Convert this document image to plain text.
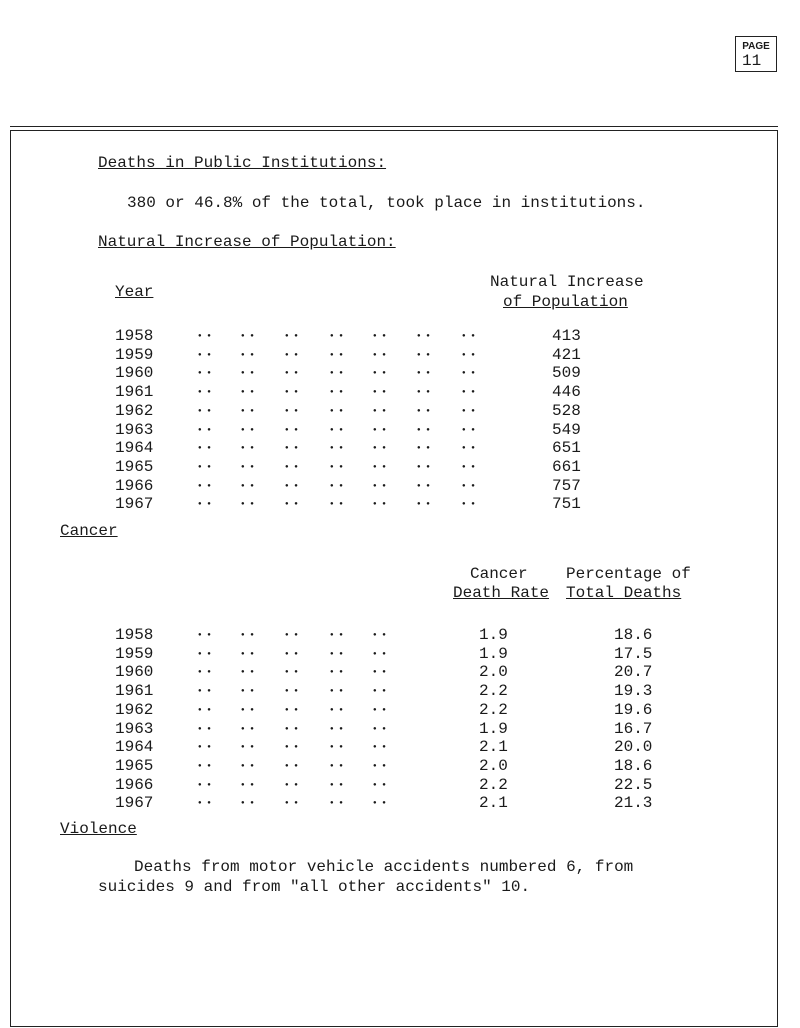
PAGE

11

Deaths in Public Institutions:
380 or 46.8% of the total, took place in institutions.
Natural Increase of Population:
Year
Natural Increase
of Population
1958	● ●	● ●	● ●	● ●	● ●	● ●	● ●	413
1959	● ●	● ●	● ●	● ●	● ●	● ●	● ●	421
1960	● ●	● ●	● ●	● ●	● ●	● ●	● ●	509
1961	● ●	● ●	● ●	● ●	● ●	● ●	● ●	446
1962	● ●	● ●	● ●	● ●	● ●	● ●	● ●	528
1963	● ●	● ●	● ●	● ●	● ●	● ●	● ●	549
1964	● ●	● ●	● ●	● ●	● ●	● ●	● ●	651
1965	● ●	● ●	● ●	● ●	● ●	● ●	● ●	661
1966	● ●	● ●	● ●	● ●	● ●	● ●	● ●	757
1967	● ●	● ●	● ●	● ●	● ●	● ●	● ●	751
Cancer
Cancer
Death Rate
Percentage of
Total Deaths
1958	● ●	● ●	● ●	● ●	● ●	1.9	18.6
1959	● ●	● ●	● ●	● ●	● ●	1.9	17.5
1960	● ●	● ●	● ●	● ●	● ●	2.0	20.7
1961	● ●	● ●	● ●	● ●	● ●	2.2	19.3
1962	● ●	● ●	● ●	● ●	● ●	2.2	19.6
1963	● ●	● ●	● ●	● ●	● ●	1.9	16.7
1964	● ●	● ●	● ●	● ●	● ●	2.1	20.0
1965	● ●	● ●	● ●	● ●	● ●	2.0	18.6
1966	● ●	● ●	● ●	● ●	● ●	2.2	22.5
1967	● ●	● ●	● ●	● ●	● ●	2.1	21.3
Violence
Deaths from motor vehicle accidents numbered 6, from
suicides 9 and from "all other accidents" 10.
